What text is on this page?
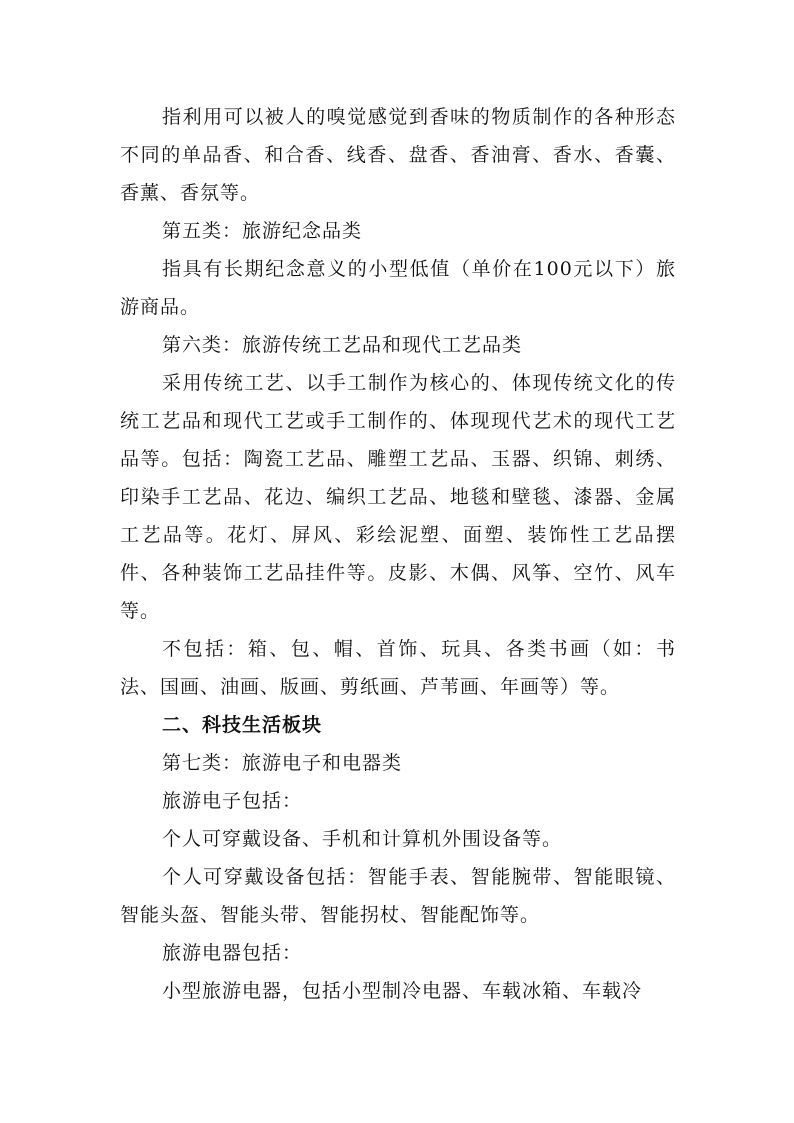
指利用可以被人的嗅觉感觉到香味的物质制作的各种形态不同的单品香、和合香、线香、盘香、香油膏、香水、香囊、香薰、香氛等。

第五类：旅游纪念品类

指具有长期纪念意义的小型低值（单价在100元以下）旅游商品。

第六类：旅游传统工艺品和现代工艺品类

采用传统工艺、以手工制作为核心的、体现传统文化的传统工艺品和现代工艺或手工制作的、体现现代艺术的现代工艺品等。包括：陶瓷工艺品、雕塑工艺品、玉器、织锦、刺绣、印染手工艺品、花边、编织工艺品、地毯和壁毯、漆器、金属工艺品等。花灯、屏风、彩绘泥塑、面塑、装饰性工艺品摆件、各种装饰工艺品挂件等。皮影、木偶、风筝、空竹、风车等。

不包括：箱、包、帽、首饰、玩具、各类书画（如：书法、国画、油画、版画、剪纸画、芦苇画、年画等）等。

二、科技生活板块

第七类：旅游电子和电器类

旅游电子包括：

个人可穿戴设备、手机和计算机外围设备等。

个人可穿戴设备包括：智能手表、智能腕带、智能眼镜、智能头盔、智能头带、智能拐杖、智能配饰等。

旅游电器包括：

小型旅游电器，包括小型制冷电器、车载冰箱、车载冷
